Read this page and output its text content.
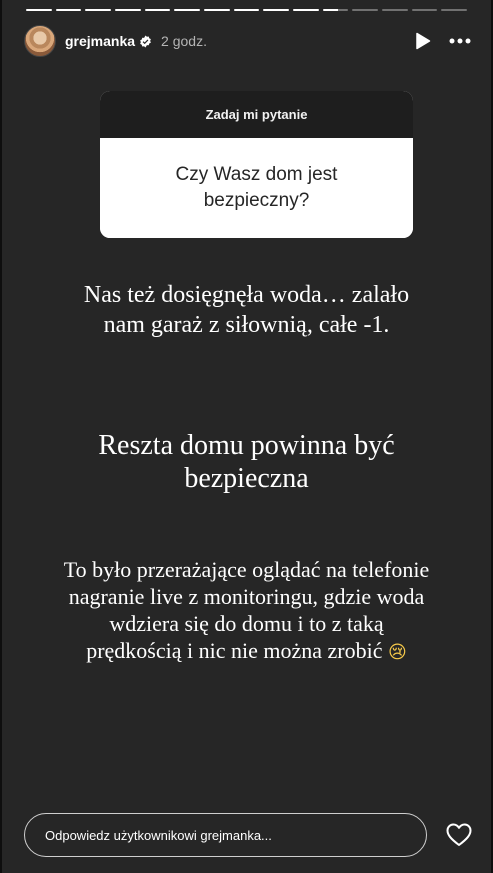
grejmanka 2 godz.
Zadaj mi pytanie
Czy Wasz dom jest bezpieczny?
Nas też dosięgnęła woda… zalało nam garaż z siłownią, całe -1.
Reszta domu powinna być bezpieczna
To było przerażające oglądać na telefonie nagranie live z monitoringu, gdzie woda wdziera się do domu i to z taką prędkością i nic nie można zrobić 😢
Odpowiedz użytkownikowi grejmanka...
